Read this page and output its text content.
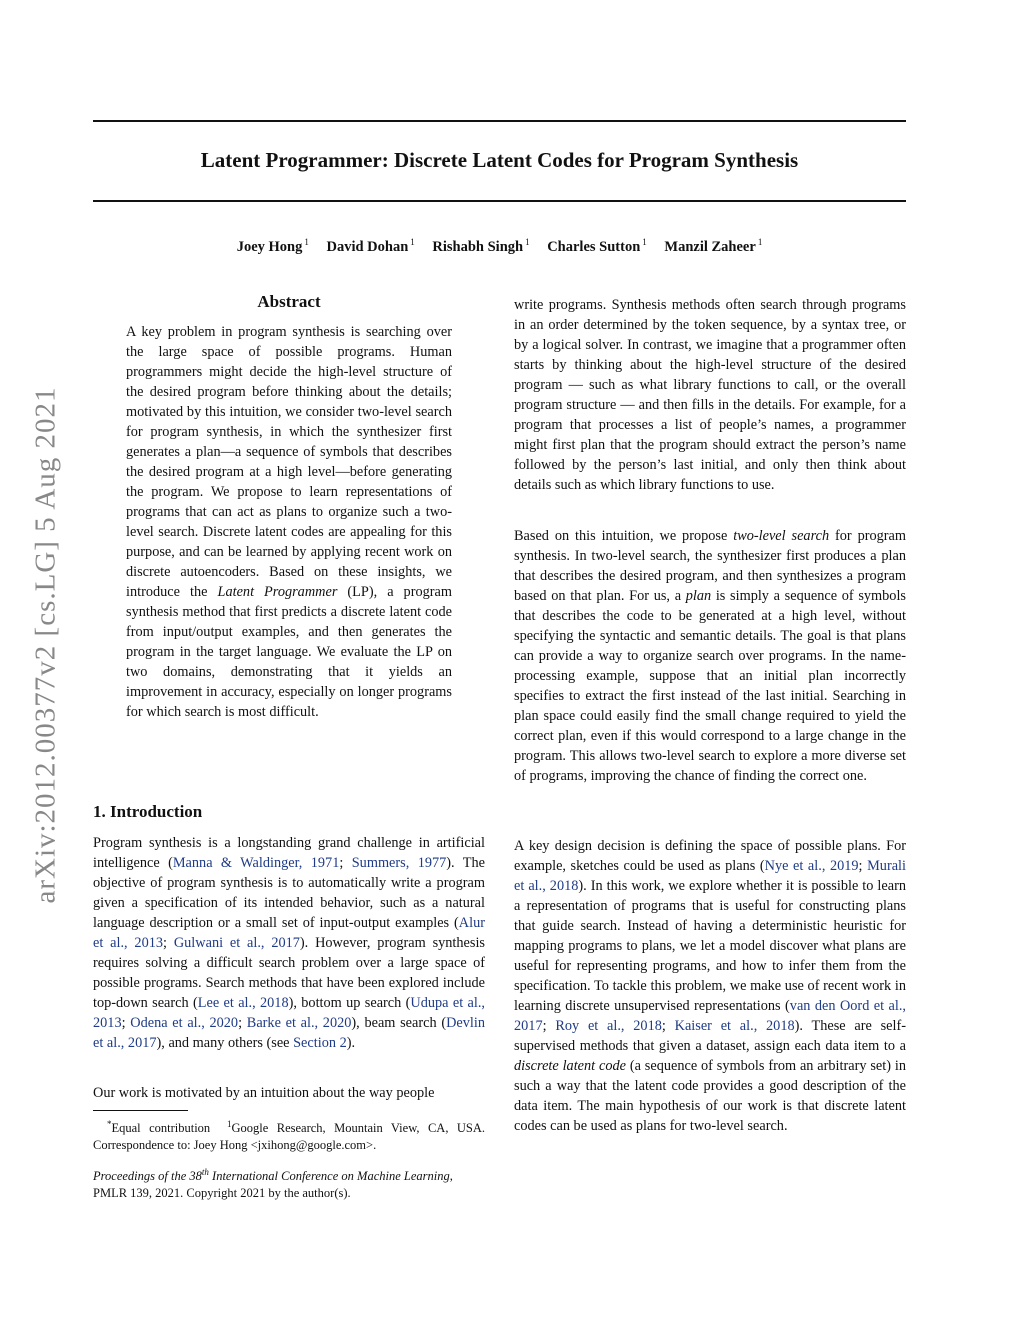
Latent Programmer: Discrete Latent Codes for Program Synthesis
Joey Hong $^1$ David Dohan $^1$ Rishabh Singh $^1$ Charles Sutton $^1$ Manzil Zaheer $^1$
arXiv:2012.00377v2 [cs.LG] 5 Aug 2021
Abstract
A key problem in program synthesis is searching over the large space of possible programs. Human programmers might decide the high-level structure of the desired program before thinking about the details; motivated by this intuition, we consider two-level search for program synthesis, in which the synthesizer first generates a plan—a sequence of symbols that describes the desired program at a high level—before generating the program. We propose to learn representations of programs that can act as plans to organize such a two-level search. Discrete latent codes are appealing for this purpose, and can be learned by applying recent work on discrete autoencoders. Based on these insights, we introduce the Latent Programmer (LP), a program synthesis method that first predicts a discrete latent code from input/output examples, and then generates the program in the target language. We evaluate the LP on two domains, demonstrating that it yields an improvement in accuracy, especially on longer programs for which search is most difficult.
1. Introduction
Program synthesis is a longstanding grand challenge in artificial intelligence (Manna & Waldinger, 1971; Summers, 1977). The objective of program synthesis is to automatically write a program given a specification of its intended behavior, such as a natural language description or a small set of input-output examples (Alur et al., 2013; Gulwani et al., 2017). However, program synthesis requires solving a difficult search problem over a large space of possible programs. Search methods that have been explored include top-down search (Lee et al., 2018), bottom up search (Udupa et al., 2013; Odena et al., 2020; Barke et al., 2020), beam search (Devlin et al., 2017), and many others (see Section 2).
Our work is motivated by an intuition about the way people
*Equal contribution $^1$Google Research, Mountain View, CA, USA. Correspondence to: Joey Hong <jxihong@google.com>.
Proceedings of the 38th International Conference on Machine Learning, PMLR 139, 2021. Copyright 2021 by the author(s).
write programs. Synthesis methods often search through programs in an order determined by the token sequence, by a syntax tree, or by a logical solver. In contrast, we imagine that a programmer often starts by thinking about the high-level structure of the desired program — such as what library functions to call, or the overall program structure — and then fills in the details. For example, for a program that processes a list of people’s names, a programmer might first plan that the program should extract the person’s name followed by the person’s last initial, and only then think about details such as which library functions to use.
Based on this intuition, we propose two-level search for program synthesis. In two-level search, the synthesizer first produces a plan that describes the desired program, and then synthesizes a program based on that plan. For us, a plan is simply a sequence of symbols that describes the code to be generated at a high level, without specifying the syntactic and semantic details. The goal is that plans can provide a way to organize search over programs. In the name-processing example, suppose that an initial plan incorrectly specifies to extract the first instead of the last initial. Searching in plan space could easily find the small change required to yield the correct plan, even if this would correspond to a large change in the program. This allows two-level search to explore a more diverse set of programs, improving the chance of finding the correct one.
A key design decision is defining the space of possible plans. For example, sketches could be used as plans (Nye et al., 2019; Murali et al., 2018). In this work, we explore whether it is possible to learn a representation of programs that is useful for constructing plans that guide search. Instead of having a deterministic heuristic for mapping programs to plans, we let a model discover what plans are useful for representing programs, and how to infer them from the specification. To tackle this problem, we make use of recent work in learning discrete unsupervised representations (van den Oord et al., 2017; Roy et al., 2018; Kaiser et al., 2018). These are self-supervised methods that given a dataset, assign each data item to a discrete latent code (a sequence of symbols from an arbitrary set) in such a way that the latent code provides a good description of the data item. The main hypothesis of our work is that discrete latent codes can be used as plans for two-level search.
